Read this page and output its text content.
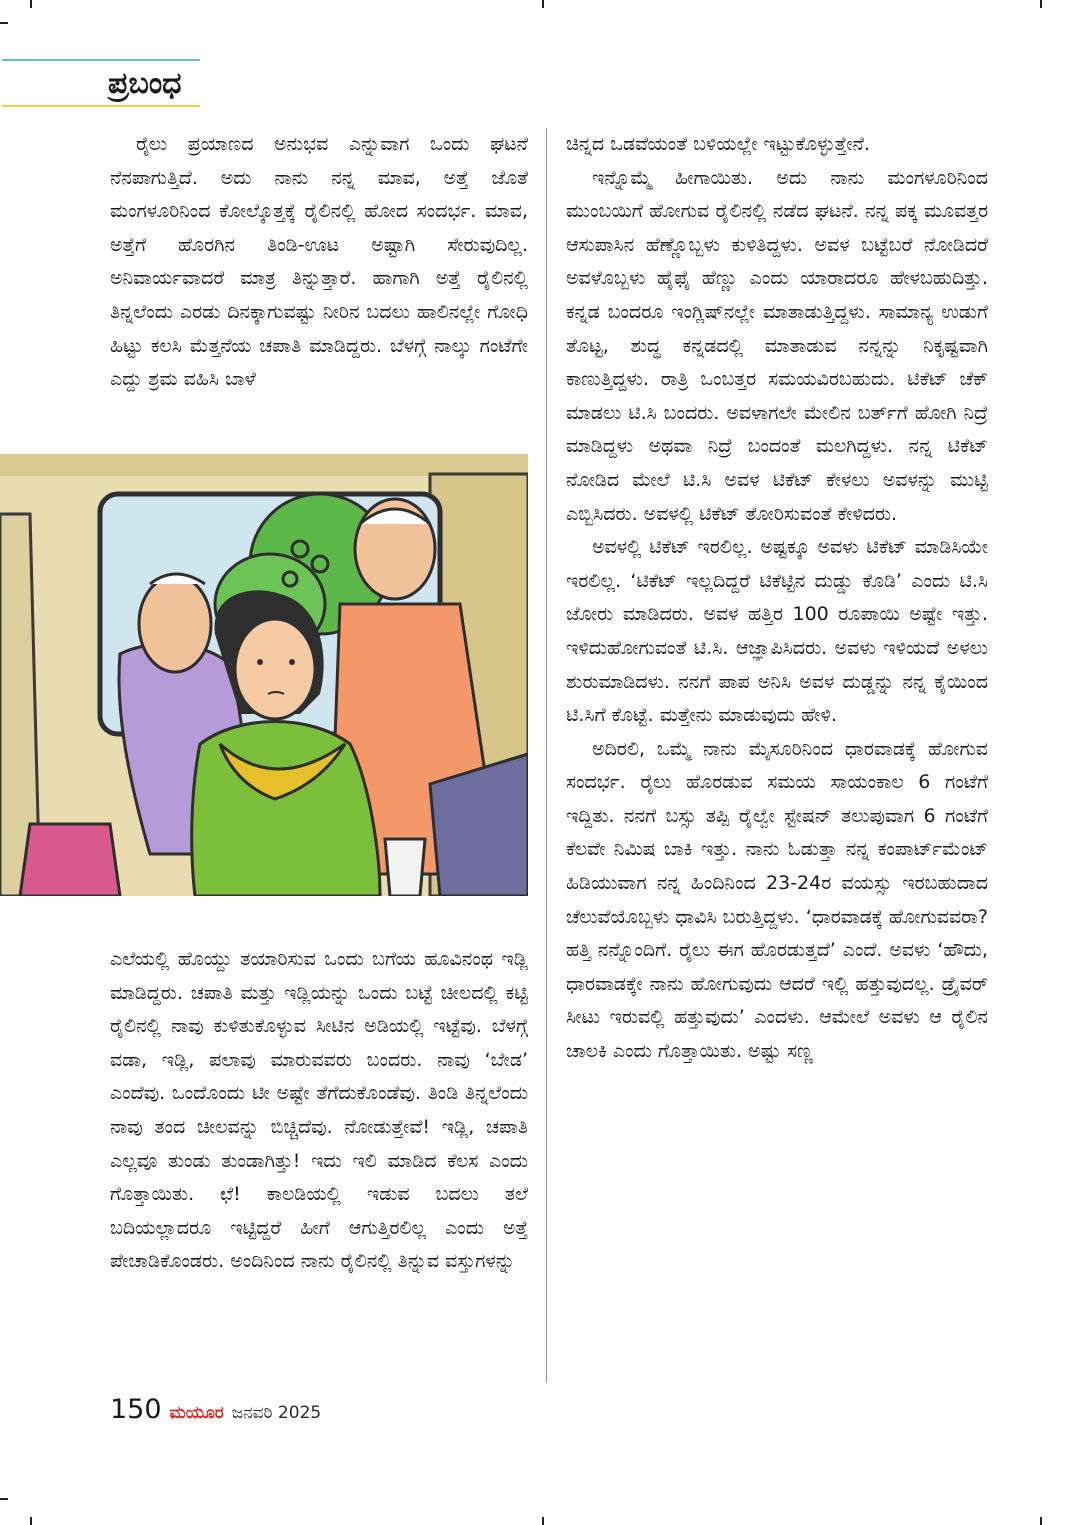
ಪ್ರಬಂಧ

ರೈಲು ಪ್ರಯಾಣದ ಅನುಭವ ಎನ್ನುವಾಗ ಒಂದು ಘಟನೆ ನೆನಪಾಗುತ್ತಿದೆ. ಅದು ನಾನು ನನ್ನ ಮಾವ, ಅತ್ತೆ ಜೊತೆ ಮಂಗಳೂರಿನಿಂದ ಕೋಲ್ಕೊತ್ತಕ್ಕೆ ರೈಲಿನಲ್ಲಿ ಹೋದ ಸಂದರ್ಭ. ಮಾವ, ಅತ್ತೆಗೆ ಹೊರಗಿನ ತಿಂಡಿ-ಊಟ ಅಷ್ಟಾಗಿ ಸೇರುವುದಿಲ್ಲ. ಅನಿವಾರ್ಯವಾದರೆ ಮಾತ್ರ ತಿನ್ನುತ್ತಾರೆ. ಹಾಗಾಗಿ ಅತ್ತೆ ರೈಲಿನಲ್ಲಿ ತಿನ್ನಲೆಂದು ಎರಡು ದಿನಕ್ಕಾಗುವಷ್ಟು ನೀರಿನ ಬದಲು ಹಾಲಿನಲ್ಲೇ ಗೋಧಿ ಹಿಟ್ಟು ಕಲಸಿ ಮೆತ್ತನೆಯ ಚಪಾತಿ ಮಾಡಿದ್ದರು. ಬೆಳಗ್ಗೆ ನಾಲ್ಕು ಗಂಟೆಗೇ ಎದ್ದು ಶ್ರಮ ವಹಿಸಿ ಬಾಳೆ

ಎಲೆಯಲ್ಲಿ ಹೊಯ್ದು ತಯಾರಿಸುವ ಒಂದು ಬಗೆಯ ಹೂವಿನಂಥ ಇಡ್ಲಿ ಮಾಡಿದ್ದರು. ಚಪಾತಿ ಮತ್ತು ಇಡ್ಲಿಯನ್ನು ಒಂದು ಬಟ್ಟೆ ಚೀಲದಲ್ಲಿ ಕಟ್ಟಿ ರೈಲಿನಲ್ಲಿ ನಾವು ಕುಳಿತುಕೊಳ್ಳುವ ಸೀಟಿನ ಅಡಿಯಲ್ಲಿ ಇಟ್ಟೆವು. ಬೆಳಗ್ಗೆ ವಡಾ, ಇಡ್ಲಿ, ಪಲಾವು ಮಾರುವವರು ಬಂದರು. ನಾವು ‘ಬೇಡ’ ಎಂದೆವು. ಒಂದೊಂದು ಟೀ ಅಷ್ಟೇ ತೆಗೆದುಕೊಂಡೆವು. ತಿಂಡಿ ತಿನ್ನಲೆಂದು ನಾವು ತಂದ ಚೀಲವನ್ನು ಬಿಚ್ಚಿದೆವು. ನೋಡುತ್ತೇವೆ! ಇಡ್ಲಿ, ಚಪಾತಿ ಎಲ್ಲವೂ ತುಂಡು ತುಂಡಾಗಿತ್ತು! ಇದು ಇಲಿ ಮಾಡಿದ ಕೆಲಸ ಎಂದು ಗೊತ್ತಾಯಿತು. ಛೆ! ಕಾಲಡಿಯಲ್ಲಿ ಇಡುವ ಬದಲು ತಲೆ ಬದಿಯಲ್ಲಾದರೂ ಇಟ್ಟಿದ್ದರೆ ಹೀಗೆ ಆಗುತ್ತಿರಲಿಲ್ಲ ಎಂದು ಅತ್ತೆ ಪೇಚಾಡಿಕೊಂಡರು. ಅಂದಿನಿಂದ ನಾನು ರೈಲಿನಲ್ಲಿ ತಿನ್ನುವ ವಸ್ತುಗಳನ್ನು

ಚಿನ್ನದ ಒಡವೆಯಂತೆ ಬಳಿಯಲ್ಲೇ ಇಟ್ಟುಕೊಳ್ಳುತ್ತೇನೆ.

ಇನ್ನೊಮ್ಮೆ ಹೀಗಾಯಿತು. ಅದು ನಾನು ಮಂಗಳೂರಿನಿಂದ ಮುಂಬಯಿಗೆ ಹೋಗುವ ರೈಲಿನಲ್ಲಿ ನಡೆದ ಘಟನೆ. ನನ್ನ ಪಕ್ಕ ಮೂವತ್ತರ ಆಸುಪಾಸಿನ ಹೆಣ್ಣೊಬ್ಬಳು ಕುಳಿತಿದ್ದಳು. ಅವಳ ಬಟ್ಟೆಬರೆ ನೋಡಿದರೆ ಅವಳೊಬ್ಬಳು ಹೈಫೈ ಹೆಣ್ಣು ಎಂದು ಯಾರಾದರೂ ಹೇಳಬಹುದಿತ್ತು. ಕನ್ನಡ ಬಂದರೂ ಇಂಗ್ಲಿಷ್‌ನಲ್ಲೇ ಮಾತಾಡುತ್ತಿದ್ದಳು. ಸಾಮಾನ್ಯ ಉಡುಗೆ ತೊಟ್ಟ, ಶುದ್ಧ ಕನ್ನಡದಲ್ಲಿ ಮಾತಾಡುವ ನನ್ನನ್ನು ನಿಕೃಷ್ಟವಾಗಿ ಕಾಣುತ್ತಿದ್ದಳು. ರಾತ್ರಿ ಒಂಬತ್ತರ ಸಮಯವಿರಬಹುದು. ಟಿಕೆಟ್ ಚೆಕ್ ಮಾಡಲು ಟಿ.ಸಿ ಬಂದರು. ಅವಳಾಗಲೇ ಮೇಲಿನ ಬರ್ತ್‌ಗೆ ಹೋಗಿ ನಿದ್ರೆ ಮಾಡಿದ್ದಳು ಅಥವಾ ನಿದ್ರೆ ಬಂದಂತೆ ಮಲಗಿದ್ದಳು. ನನ್ನ ಟಿಕೆಟ್ ನೋಡಿದ ಮೇಲೆ ಟಿ.ಸಿ ಅವಳ ಟಿಕೆಟ್ ಕೇಳಲು ಅವಳನ್ನು ಮುಟ್ಟಿ ಎಬ್ಬಿಸಿದರು. ಅವಳಲ್ಲಿ ಟಿಕೆಟ್ ತೋರಿಸುವಂತೆ ಕೇಳಿದರು.

ಅವಳಲ್ಲಿ ಟಿಕೆಟ್ ಇರಲಿಲ್ಲ. ಅಷ್ಟಕ್ಕೂ ಅವಳು ಟಿಕೆಟ್ ಮಾಡಿಸಿಯೇ ಇರಲಿಲ್ಲ. ‘ಟಿಕೆಟ್ ಇಲ್ಲದಿದ್ದರೆ ಟಿಕೆಟ್ಟಿನ ದುಡ್ಡು ಕೊಡಿ’ ಎಂದು ಟಿ.ಸಿ ಜೋರು ಮಾಡಿದರು. ಅವಳ ಹತ್ತಿರ 100 ರೂಪಾಯಿ ಅಷ್ಟೇ ಇತ್ತು. ಇಳಿದುಹೋಗುವಂತೆ ಟಿ.ಸಿ. ಆಜ್ಞಾಪಿಸಿದರು. ಅವಳು ಇಳಿಯದೆ ಅಳಲು ಶುರುಮಾಡಿದಳು. ನನಗೆ ಪಾಪ ಅನಿಸಿ ಅವಳ ದುಡ್ಡನ್ನು ನನ್ನ ಕೈಯಿಂದ ಟಿ.ಸಿಗೆ ಕೊಟ್ಟೆ. ಮತ್ತೇನು ಮಾಡುವುದು ಹೇಳಿ.

ಅದಿರಲಿ, ಒಮ್ಮೆ ನಾನು ಮೈಸೂರಿನಿಂದ ಧಾರವಾಡಕ್ಕೆ ಹೋಗುವ ಸಂದರ್ಭ. ರೈಲು ಹೊರಡುವ ಸಮಯ ಸಾಯಂಕಾಲ 6 ಗಂಟೆಗೆ ಇದ್ದಿತು. ನನಗೆ ಬಸ್ಸು ತಪ್ಪಿ ರೈಲ್ವೇ ಸ್ಟೇಷನ್ ತಲುಪುವಾಗ 6 ಗಂಟೆಗೆ ಕೆಲವೇ ನಿಮಿಷ ಬಾಕಿ ಇತ್ತು. ನಾನು ಓಡುತ್ತಾ ನನ್ನ ಕಂಪಾರ್ಟ್‌ಮೆಂಟ್ ಹಿಡಿಯುವಾಗ ನನ್ನ ಹಿಂದಿನಿಂದ 23-24ರ ವಯಸ್ಸು ಇರಬಹುದಾದ ಚೆಲುವೆಯೊಬ್ಬಳು ಧಾವಿಸಿ ಬರುತ್ತಿದ್ದಳು. ‘ಧಾರವಾಡಕ್ಕೆ ಹೋಗುವವರಾ? ಹತ್ತಿ ನನ್ನೊಂದಿಗೆ. ರೈಲು ಈಗ ಹೊರಡುತ್ತದೆ’ ಎಂದೆ. ಅವಳು ‘ಹೌದು, ಧಾರವಾಡಕ್ಕೇ ನಾನು ಹೋಗುವುದು ಆದರೆ ಇಲ್ಲಿ ಹತ್ತುವುದಲ್ಲ. ಡ್ರೈವರ್ ಸೀಟು ಇರುವಲ್ಲಿ ಹತ್ತುವುದು’ ಎಂದಳು. ಆಮೇಲೆ ಅವಳು ಆ ರೈಲಿನ ಚಾಲಕಿ ಎಂದು ಗೊತ್ತಾಯಿತು. ಅಷ್ಟು ಸಣ್ಣ

150 ಮಯೂರ ಜನವರಿ 2025
